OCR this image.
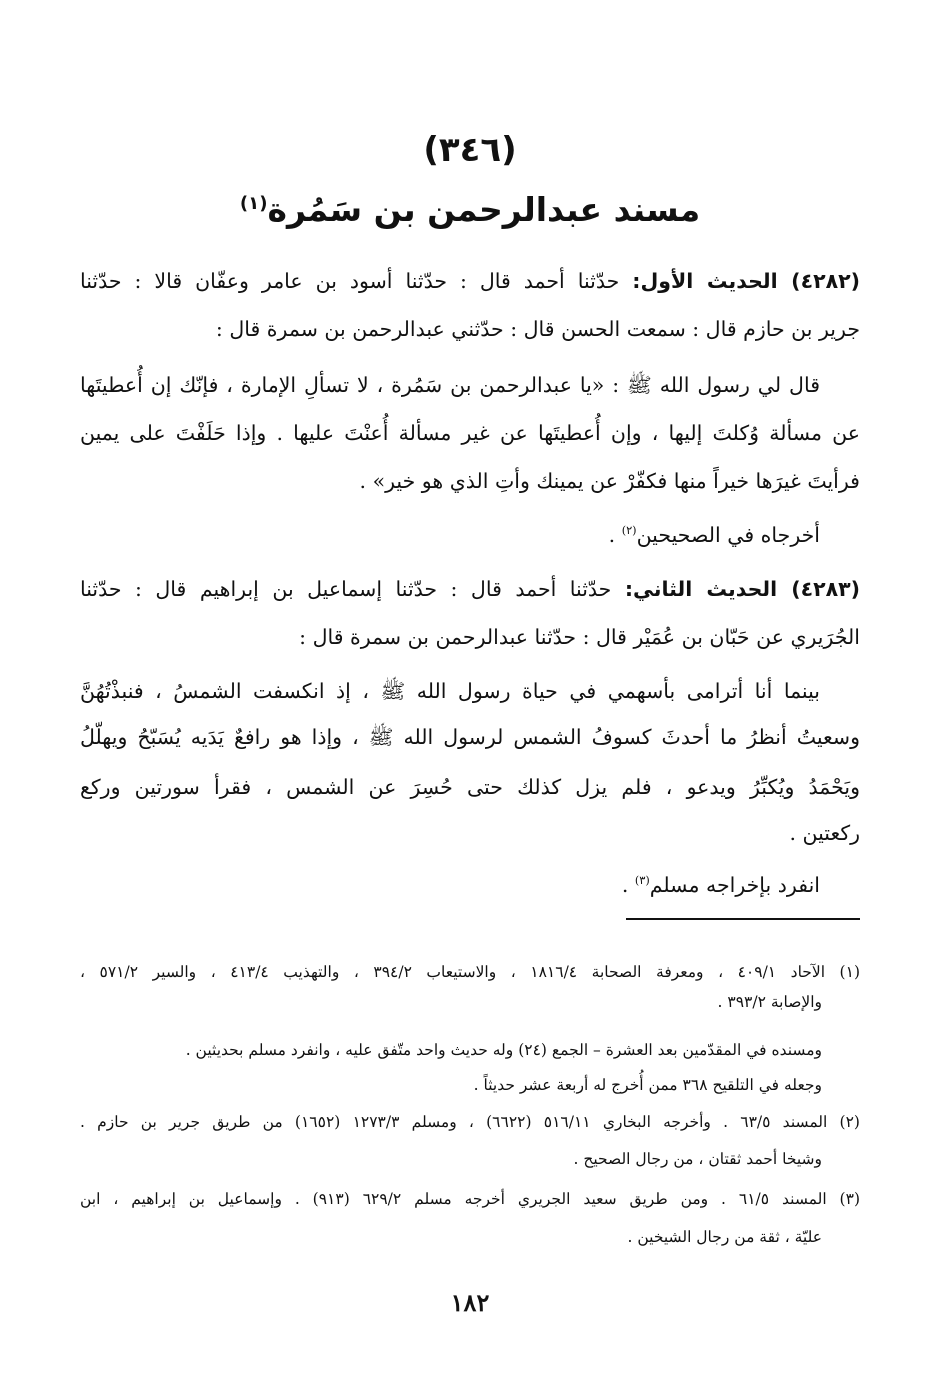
(٣٤٦)
مسند عبدالرحمن بن سَمُرة$^{(١)}$
(٤٢٨٢) الحديث الأول: حدّثنا أحمد قال : حدّثنا أسود بن عامر وعفّان قالا : حدّثنا
جرير بن حازم قال : سمعت الحسن قال : حدّثني عبدالرحمن بن سمرة قال :
قال لي رسول الله ﷺ : «يا عبدالرحمن بن سَمُرة ، لا تسألِ الإمارة ، فإنّك إن أُعطيتَها
عن مسألة وُكلتَ إليها ، وإن أُعطيتَها عن غير مسألة أُعنْتَ عليها . وإذا حَلَفْتَ على يمين
فرأيتَ غيرَها خيراً منها فكفّرْ عن يمينك وأتِ الذي هو خير» .
أخرجاه في الصحيحين$^{(٢)}$ .
(٤٢٨٣) الحديث الثاني: حدّثنا أحمد قال : حدّثنا إسماعيل بن إبراهيم قال : حدّثنا
الجُرَيري عن حَبّان بن عُمَيْر قال : حدّثنا عبدالرحمن بن سمرة قال :
بينما أنا أترامى بأسهمي في حياة رسول الله ﷺ ، إذ انكسفت الشمسُ ، فنبذْتُهُنَّ
وسعيتُ أنظرُ ما أحدثَ كسوفُ الشمس لرسول الله ﷺ ، وإذا هو رافعٌ يَدَيه يُسَبّحُ ويهلّلُ
ويَحْمَدُ ويُكبِّرُ ويدعو ، فلم يزل كذلك حتى حُسِرَ عن الشمس ، فقرأ سورتين وركع
ركعتين .
انفرد بإخراجه مسلم$^{(٣)}$ .
(١) الآحاد ٤٠٩/١ ، ومعرفة الصحابة ١٨١٦/٤ ، والاستيعاب ٣٩٤/٢ ، والتهذيب ٤١٣/٤ ، والسير ٥٧١/٢ ،
والإصابة ٣٩٣/٢ .
ومسنده في المقدّمين بعد العشرة – الجمع (٢٤) وله حديث واحد متّفق عليه ، وانفرد مسلم بحديثين .
وجعله في التلقيح ٣٦٨ ممن أُخرج له أربعة عشر حديثاً .
(٢) المسند ٦٣/٥ . وأخرجه البخاري ٥١٦/١١ (٦٦٢٢) ، ومسلم ١٢٧٣/٣ (١٦٥٢) من طريق جرير بن حازم .
وشيخا أحمد ثقتان ، من رجال الصحيح .
(٣) المسند ٦١/٥ . ومن طريق سعيد الجريري أخرجه مسلم ٦٢٩/٢ (٩١٣) . وإسماعيل بن إبراهيم ، ابن
عليّة ، ثقة من رجال الشيخين .
١٨٢
